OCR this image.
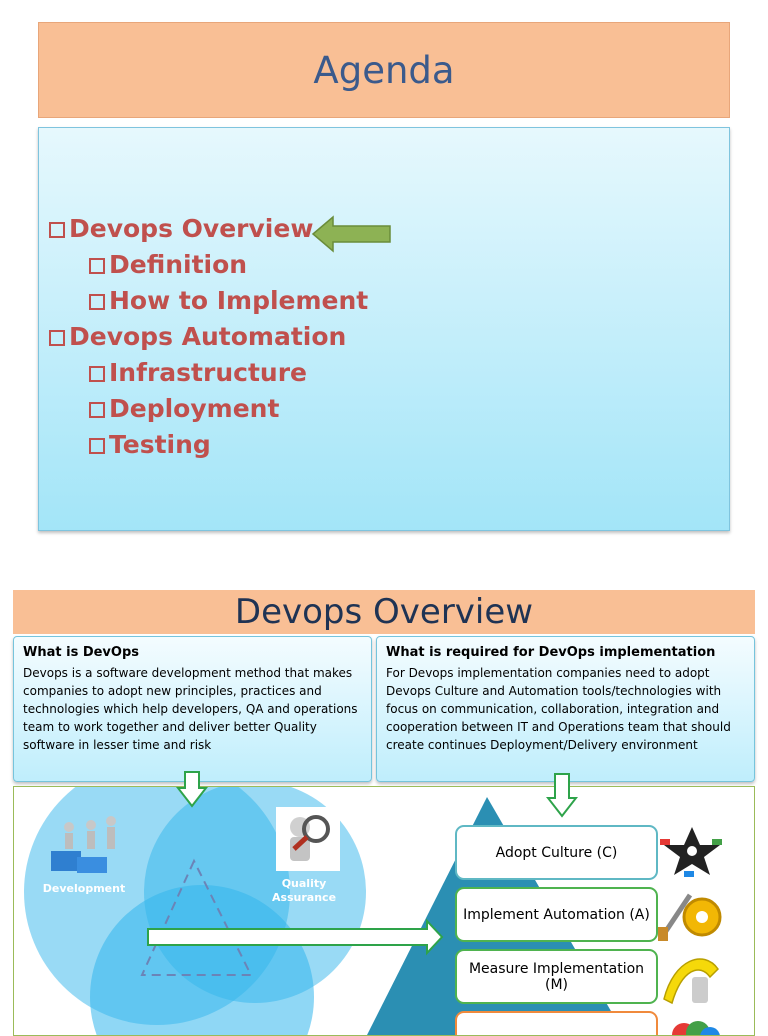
Agenda
Devops Overview
Definition
How to Implement
Devops Automation
Infrastructure
Deployment
Testing
Devops Overview
What is DevOps

Devops is a software development method that makes companies to adopt new principles, practices and technologies which help developers, QA and operations team to work together and deliver better Quality software in lesser time and risk

What is required for DevOps implementation

For Devops implementation companies need to adopt Devops Culture and Automation tools/technologies with focus on communication, collaboration, integration and cooperation between IT and Operations team that should create continues Deployment/Delivery environment

Development	Quality Assurance
DevOps
Adopt Culture (C)
Implement Automation (A)
Measure Implementation (M)
